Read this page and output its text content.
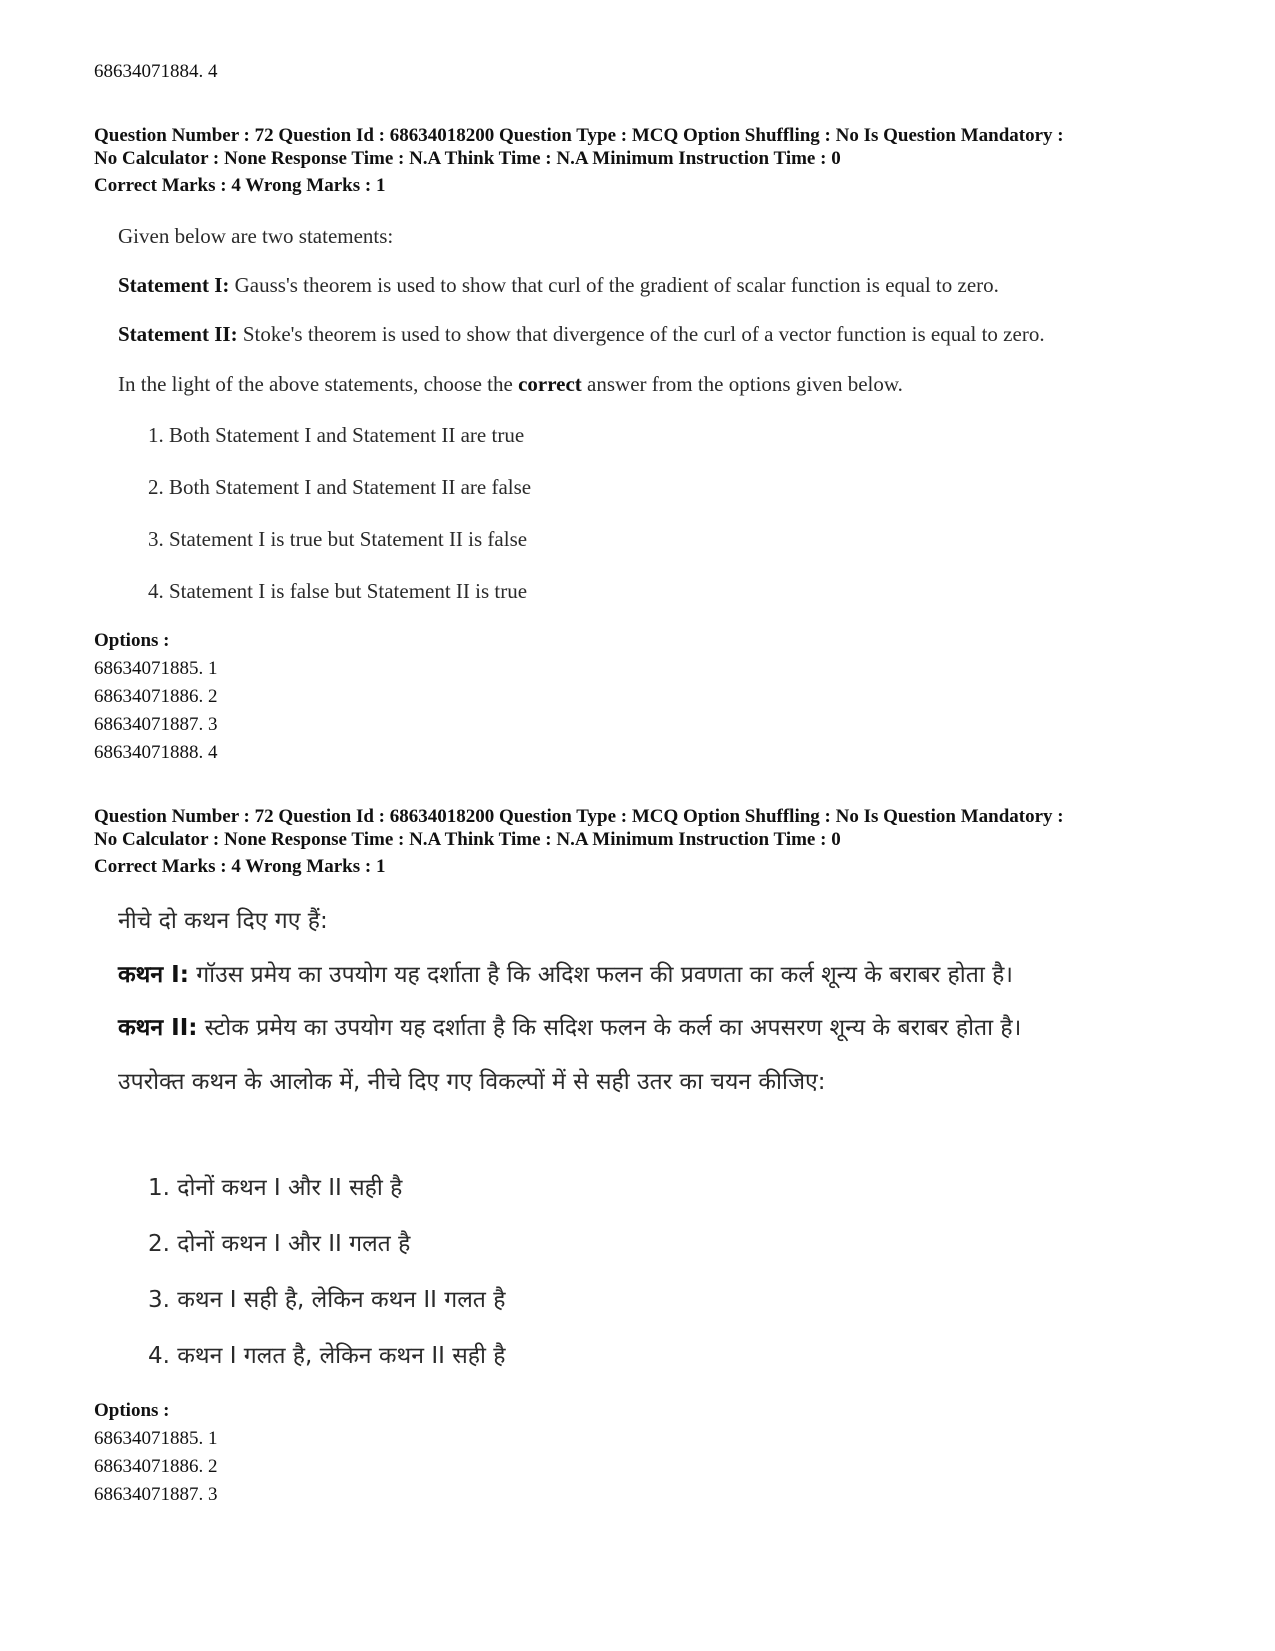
68634071884. 4
Question Number : 72 Question Id : 68634018200 Question Type : MCQ Option Shuffling : No Is Question Mandatory :
No Calculator : None Response Time : N.A Think Time : N.A Minimum Instruction Time : 0
Correct Marks : 4 Wrong Marks : 1

Given below are two statements:

Statement I: Gauss's theorem is used to show that curl of the gradient of scalar function is equal to zero.

Statement II: Stoke's theorem is used to show that divergence of the curl of a vector function is equal to zero.

In the light of the above statements, choose the correct answer from the options given below.

1. Both Statement I and Statement II are true

2. Both Statement I and Statement II are false

3. Statement I is true but Statement II is false

4. Statement I is false but Statement II is true

Options :
68634071885. 1
68634071886. 2
68634071887. 3
68634071888. 4
Question Number : 72 Question Id : 68634018200 Question Type : MCQ Option Shuffling : No Is Question Mandatory :
No Calculator : None Response Time : N.A Think Time : N.A Minimum Instruction Time : 0
Correct Marks : 4 Wrong Marks : 1

नीचे दो कथन दिए गए हैं:

कथन I: गॉउस प्रमेय का उपयोग यह दर्शाता है कि अदिश फलन की प्रवणता का कर्ल शून्य के बराबर होता है।

कथन II: स्टोक प्रमेय का उपयोग यह दर्शाता है कि सदिश फलन के कर्ल का अपसरण शून्य के बराबर होता है।

उपरोक्त कथन के आलोक में, नीचे दिए गए विकल्पों में से सही उतर का चयन कीजिए:

1. दोनों कथन I और II सही है

2. दोनों कथन I और II गलत है

3. कथन I सही है, लेकिन कथन II गलत है

4. कथन I गलत है, लेकिन कथन II सही है

Options :
68634071885. 1
68634071886. 2
68634071887. 3
